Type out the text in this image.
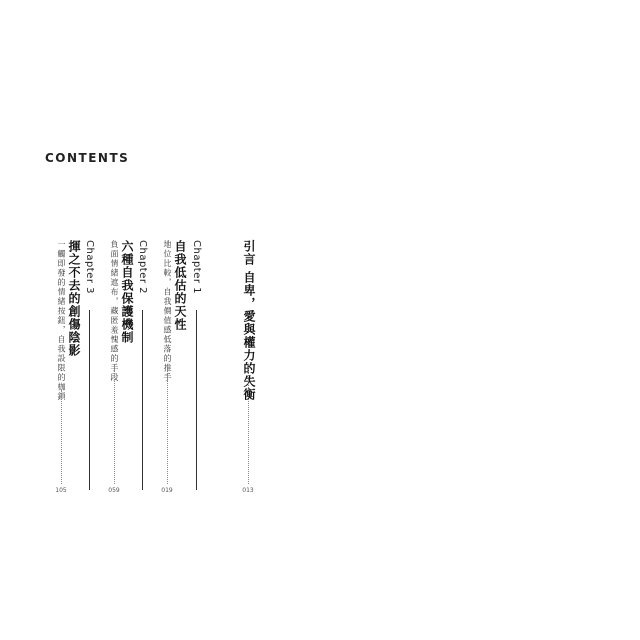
CONTENTS
引言 自卑，愛與權力的失衡
013
Chapter 1
自我低估的天性
地位比較，自我價值感低落的推手
019
Chapter 2
六種自我保護機制
負面情緒遮布，藏匿羞愧感的手段
059
Chapter 3
揮之不去的創傷陰影
一觸即發的情緒按鈕，自我設限的枷鎖
105
